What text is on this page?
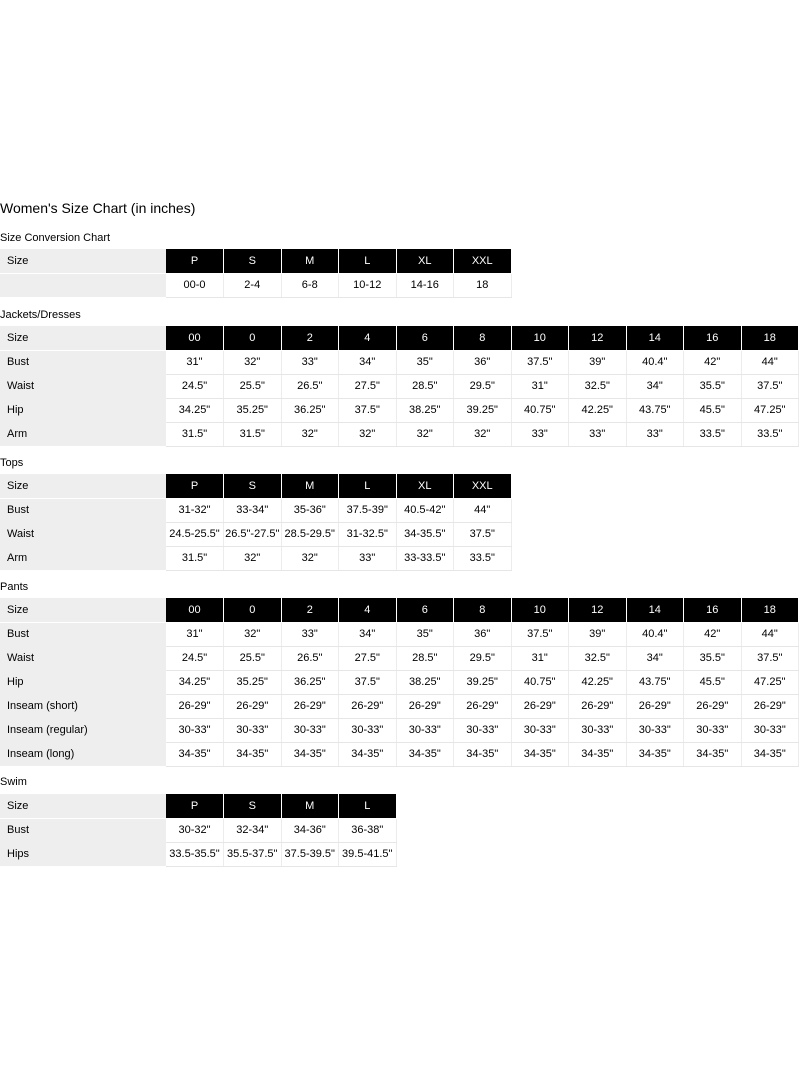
Women's Size Chart (in inches)
Size Conversion Chart
Size	P	S	M	L	XL	XXL
	00-0	2-4	6-8	10-12	14-16	18
Jackets/Dresses
Size	00	0	2	4	6	8	10	12	14	16	18
Bust	31"	32"	33"	34"	35"	36"	37.5"	39"	40.4"	42"	44"
Waist	24.5"	25.5"	26.5"	27.5"	28.5"	29.5"	31"	32.5"	34"	35.5"	37.5"
Hip	34.25"	35.25"	36.25"	37.5"	38.25"	39.25"	40.75"	42.25"	43.75"	45.5"	47.25"
Arm	31.5"	31.5"	32"	32"	32"	32"	33"	33"	33"	33.5"	33.5"
Tops
Size	P	S	M	L	XL	XXL
Bust	31-32"	33-34"	35-36"	37.5-39"	40.5-42"	44"
Waist	24.5-25.5"	26.5"-27.5"	28.5-29.5"	31-32.5"	34-35.5"	37.5"
Arm	31.5"	32"	32"	33"	33-33.5"	33.5"
Pants
Size	00	0	2	4	6	8	10	12	14	16	18
Bust	31"	32"	33"	34"	35"	36"	37.5"	39"	40.4"	42"	44"
Waist	24.5"	25.5"	26.5"	27.5"	28.5"	29.5"	31"	32.5"	34"	35.5"	37.5"
Hip	34.25"	35.25"	36.25"	37.5"	38.25"	39.25"	40.75"	42.25"	43.75"	45.5"	47.25"
Inseam (short)	26-29"	26-29"	26-29"	26-29"	26-29"	26-29"	26-29"	26-29"	26-29"	26-29"	26-29"
Inseam (regular)	30-33"	30-33"	30-33"	30-33"	30-33"	30-33"	30-33"	30-33"	30-33"	30-33"	30-33"
Inseam (long)	34-35"	34-35"	34-35"	34-35"	34-35"	34-35"	34-35"	34-35"	34-35"	34-35"	34-35"
Swim
Size	P	S	M	L
Bust	30-32"	32-34"	34-36"	36-38"
Hips	33.5-35.5"	35.5-37.5"	37.5-39.5"	39.5-41.5"
